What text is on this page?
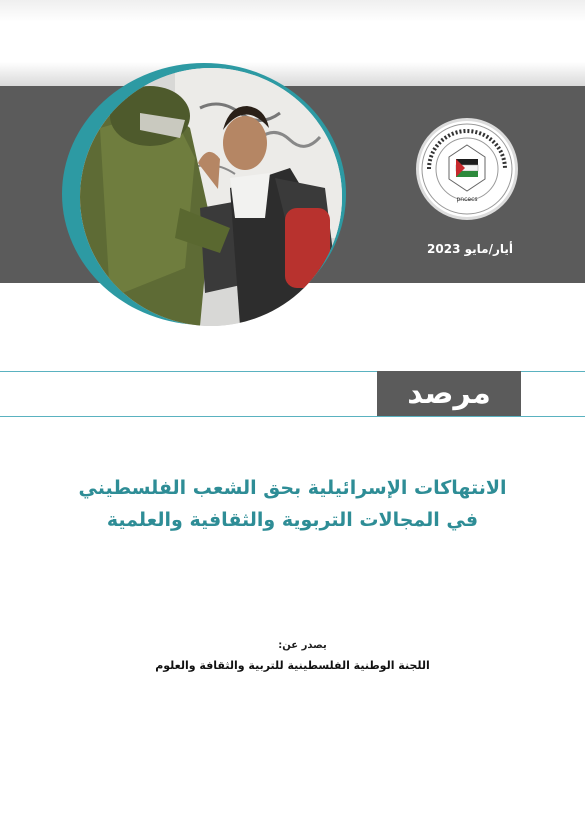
pncecs
أيار/مايو 2023
مرصد
الانتهاكات الإسرائيلية بحق الشعب الفلسطيني
في المجالات التربوية والثقافية والعلمية
يصدر عن:
اللجنة الوطنية الفلسطينية للتربية والثقافة والعلوم
